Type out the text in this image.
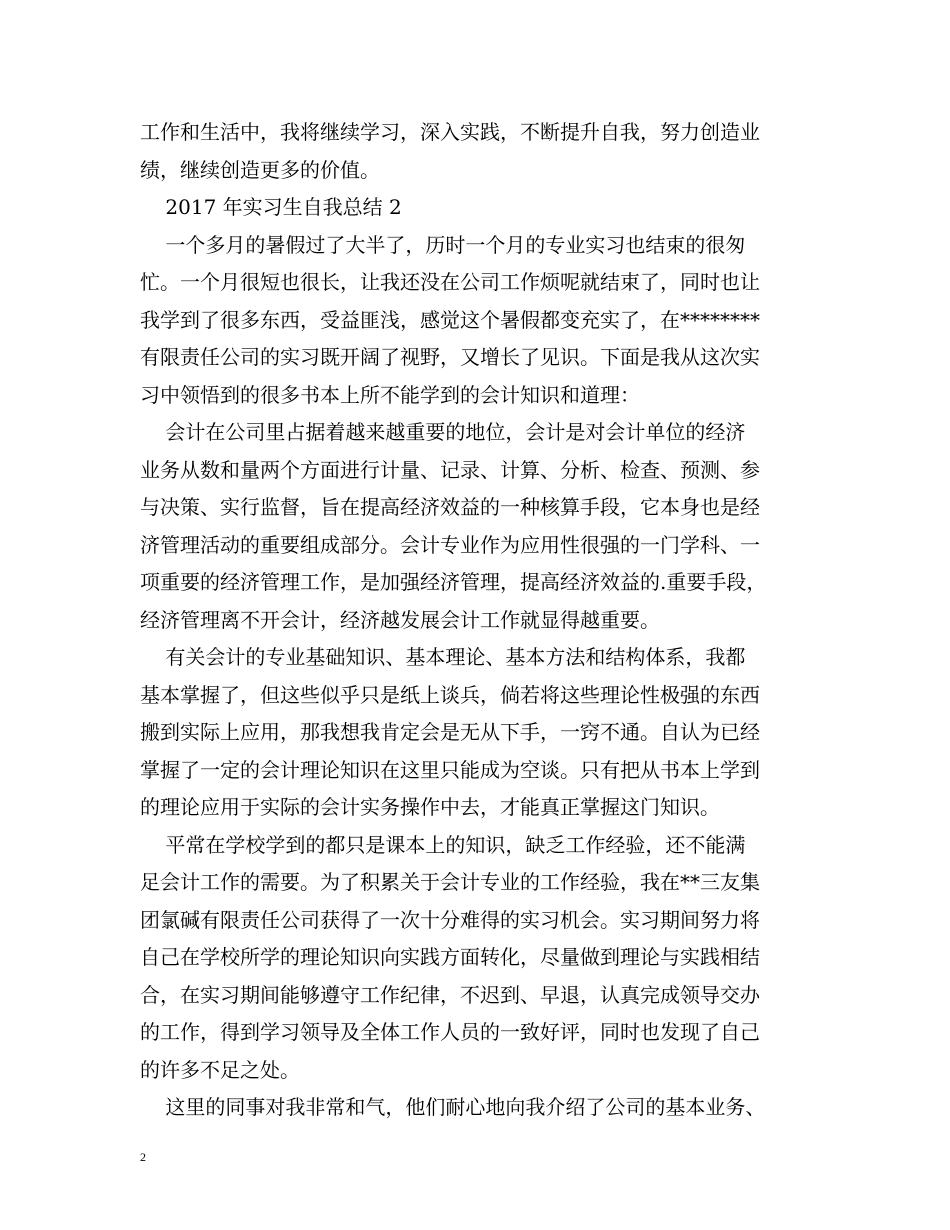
工作和生活中，我将继续学习，深入实践，不断提升自我，努力创造业
绩，继续创造更多的价值。
2017 年实习生自我总结 2
一个多月的暑假过了大半了，历时一个月的专业实习也结束的很匆
忙。一个月很短也很长，让我还没在公司工作烦呢就结束了，同时也让
我学到了很多东西，受益匪浅，感觉这个暑假都变充实了，在********
有限责任公司的实习既开阔了视野，又增长了见识。下面是我从这次实
习中领悟到的很多书本上所不能学到的会计知识和道理：
会计在公司里占据着越来越重要的地位，会计是对会计单位的经济
业务从数和量两个方面进行计量、记录、计算、分析、检查、预测、参
与决策、实行监督，旨在提高经济效益的一种核算手段，它本身也是经
济管理活动的重要组成部分。会计专业作为应用性很强的一门学科、一
项重要的经济管理工作，是加强经济管理，提高经济效益的.重要手段，
经济管理离不开会计，经济越发展会计工作就显得越重要。
有关会计的专业基础知识、基本理论、基本方法和结构体系，我都
基本掌握了，但这些似乎只是纸上谈兵，倘若将这些理论性极强的东西
搬到实际上应用，那我想我肯定会是无从下手，一窍不通。自认为已经
掌握了一定的会计理论知识在这里只能成为空谈。只有把从书本上学到
的理论应用于实际的会计实务操作中去，才能真正掌握这门知识。
平常在学校学到的都只是课本上的知识，缺乏工作经验，还不能满
足会计工作的需要。为了积累关于会计专业的工作经验，我在**三友集
团氯碱有限责任公司获得了一次十分难得的实习机会。实习期间努力将
自己在学校所学的理论知识向实践方面转化，尽量做到理论与实践相结
合，在实习期间能够遵守工作纪律，不迟到、早退，认真完成领导交办
的工作，得到学习领导及全体工作人员的一致好评，同时也发现了自己
的许多不足之处。
这里的同事对我非常和气，他们耐心地向我介绍了公司的基本业务、
2
